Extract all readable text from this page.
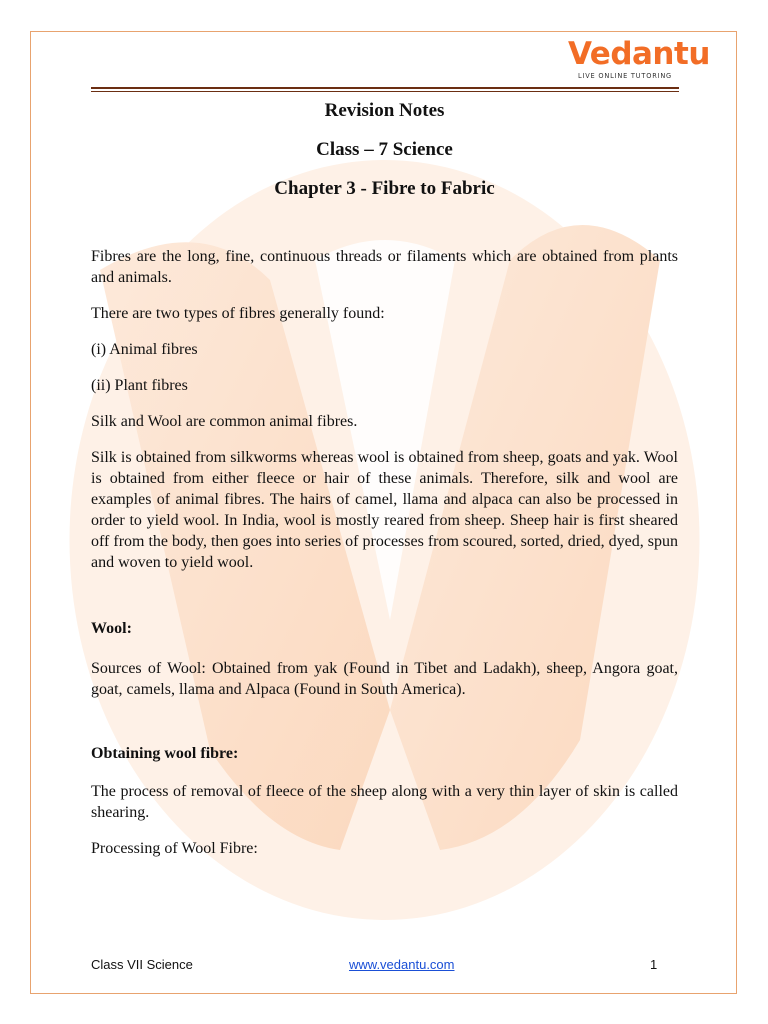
Vedantu
LIVE ONLINE TUTORING
Revision Notes
Class – 7 Science
Chapter 3 - Fibre to Fabric

Fibres are the long, fine, continuous threads or filaments which are obtained from plants and animals.

There are two types of fibres generally found:

(i) Animal fibres

(ii) Plant fibres

Silk and Wool are common animal fibres.

Silk is obtained from silkworms whereas wool is obtained from sheep, goats and yak. Wool is obtained from either fleece or hair of these animals. Therefore, silk and wool are examples of animal fibres. The hairs of camel, llama and alpaca can also be processed in order to yield wool. In India, wool is mostly reared from sheep. Sheep hair is first sheared off from the body, then goes into series of processes from scoured, sorted, dried, dyed, spun and woven to yield wool.

Wool:

Sources of Wool: Obtained from yak (Found in Tibet and Ladakh), sheep, Angora goat, goat, camels, llama and Alpaca (Found in South America).

Obtaining wool fibre:

The process of removal of fleece of the sheep along with a very thin layer of skin is called shearing.

Processing of Wool Fibre:

Class VII Science	www.vedantu.com	1
